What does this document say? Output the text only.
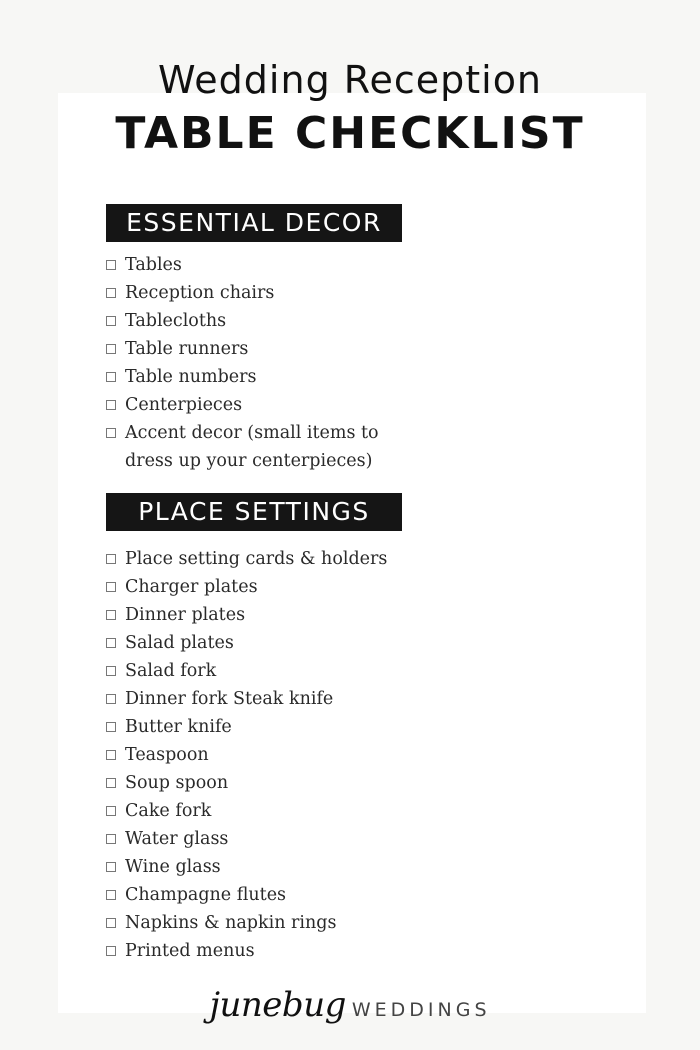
Wedding Reception
TABLE CHECKLIST
ESSENTIAL DECOR
Tables
Reception chairs
Tablecloths
Table runners
Table numbers
Centerpieces
Accent decor (small items to dress up your centerpieces)
PLACE SETTINGS
Place setting cards & holders
Charger plates
Dinner plates
Salad plates
Salad fork
Dinner fork Steak knife
Butter knife
Teaspoon
Soup spoon
Cake fork
Water glass
Wine glass
Champagne flutes
Napkins & napkin rings
Printed menus
junebug WEDDINGS
